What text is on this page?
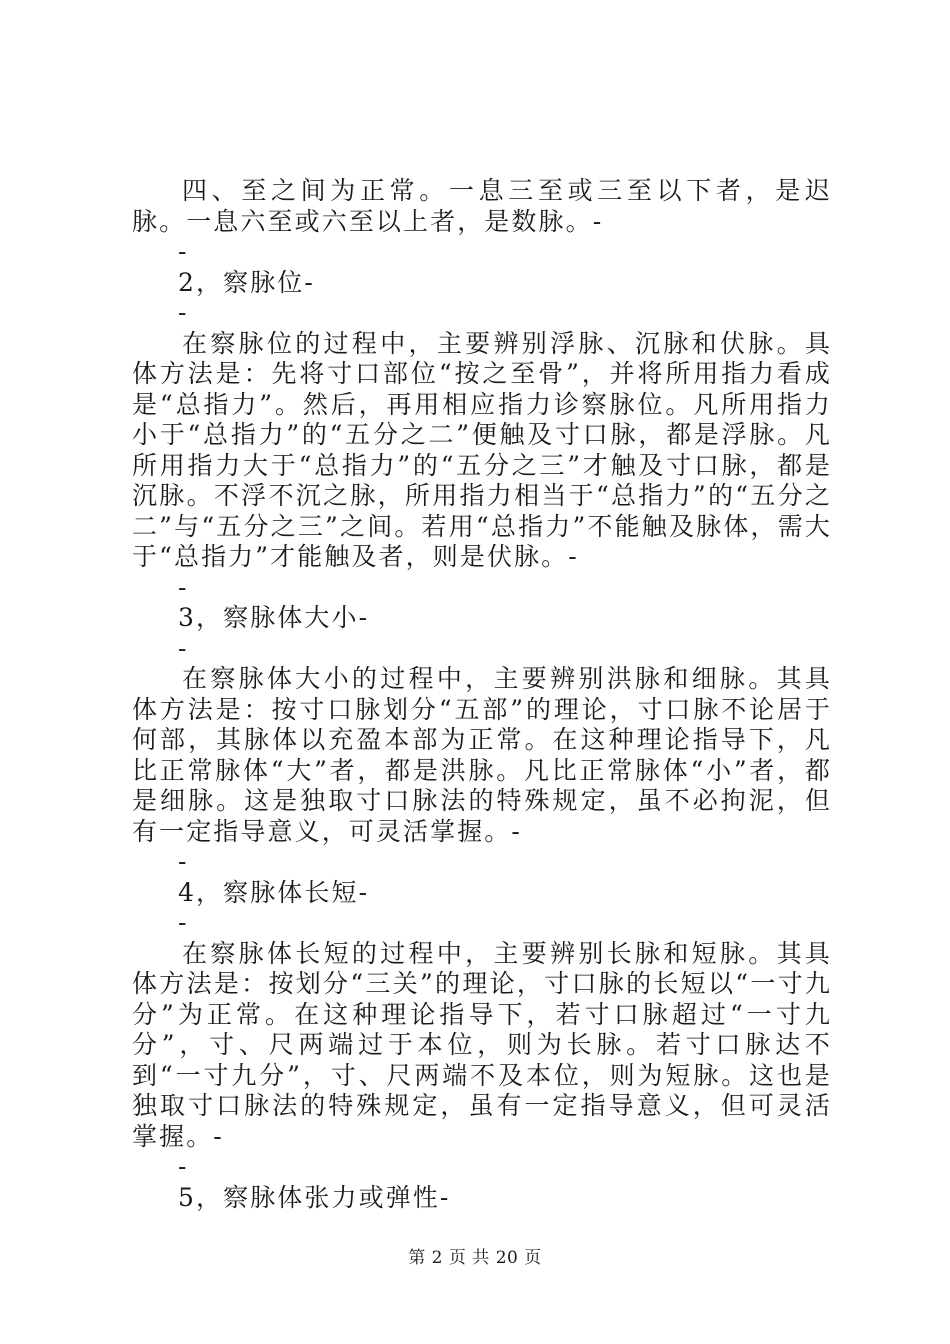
四、至之间为正常。一息三至或三至以下者，是迟脉。一息六至或六至以上者，是数脉。-

-

2，察脉位-

-

在察脉位的过程中，主要辨别浮脉、沉脉和伏脉。具体方法是：先将寸口部位“按之至骨”，并将所用指力看成是“总指力”。然后，再用相应指力诊察脉位。凡所用指力小于“总指力”的“五分之二”便触及寸口脉，都是浮脉。凡所用指力大于“总指力”的“五分之三”才触及寸口脉，都是沉脉。不浮不沉之脉，所用指力相当于“总指力”的“五分之二”与“五分之三”之间。若用“总指力”不能触及脉体，需大于“总指力”才能触及者，则是伏脉。-

-

3，察脉体大小-

-

在察脉体大小的过程中，主要辨别洪脉和细脉。其具体方法是：按寸口脉划分“五部”的理论，寸口脉不论居于何部，其脉体以充盈本部为正常。在这种理论指导下，凡比正常脉体“大”者，都是洪脉。凡比正常脉体“小”者，都是细脉。这是独取寸口脉法的特殊规定，虽不必拘泥，但有一定指导意义，可灵活掌握。-

-

4，察脉体长短-

-

在察脉体长短的过程中，主要辨别长脉和短脉。其具体方法是：按划分“三关”的理论，寸口脉的长短以“一寸九分”为正常。在这种理论指导下，若寸口脉超过“一寸九分”，寸、尺两端过于本位，则为长脉。若寸口脉达不到“一寸九分”，寸、尺两端不及本位，则为短脉。这也是独取寸口脉法的特殊规定，虽有一定指导意义，但可灵活掌握。-

-

5，察脉体张力或弹性-

第 2 页 共 20 页
